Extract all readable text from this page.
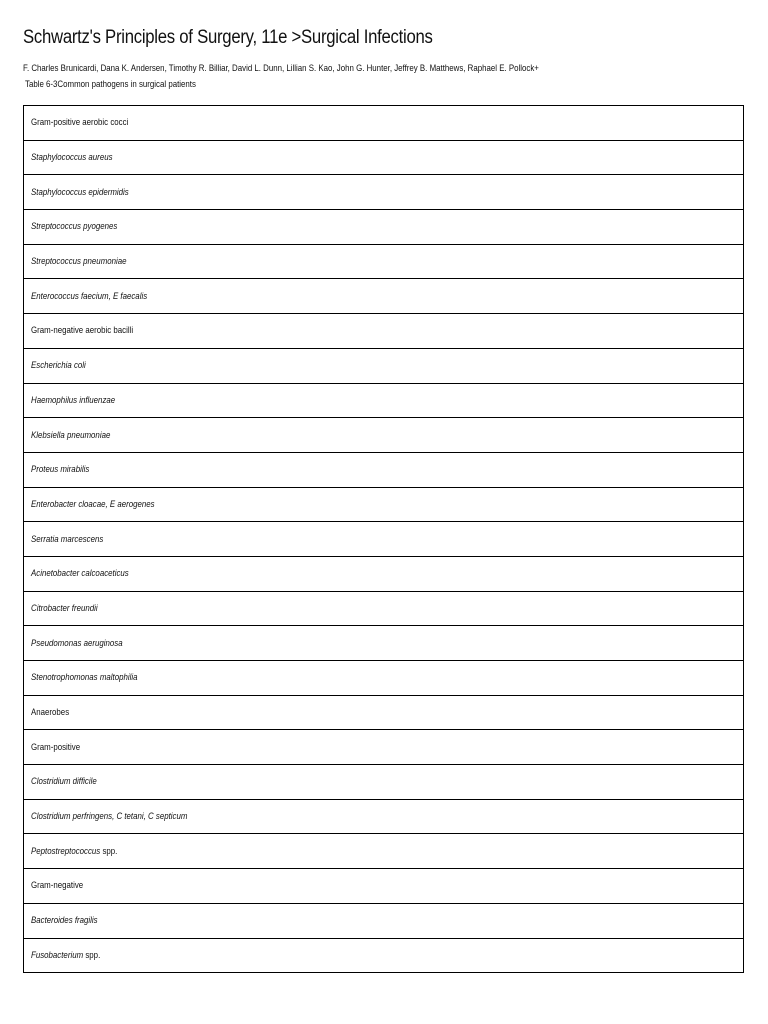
Schwartz's Principles of Surgery, 11e >Surgical Infections
F. Charles Brunicardi, Dana K. Andersen, Timothy R. Billiar, David L. Dunn, Lillian S. Kao, John G. Hunter, Jeffrey B. Matthews, Raphael E. Pollock+
Table 6-3Common pathogens in surgical patients
Gram-positive aerobic cocci
Staphylococcus aureus
Staphylococcus epidermidis
Streptococcus pyogenes
Streptococcus pneumoniae
Enterococcus faecium, E faecalis
Gram-negative aerobic bacilli
Escherichia coli
Haemophilus influenzae
Klebsiella pneumoniae
Proteus mirabilis
Enterobacter cloacae, E aerogenes
Serratia marcescens
Acinetobacter calcoaceticus
Citrobacter freundii
Pseudomonas aeruginosa
Stenotrophomonas maltophilia
Anaerobes
Gram-positive
Clostridium difficile
Clostridium perfringens, C tetani, C septicum
Peptostreptococcus spp.
Gram-negative
Bacteroides fragilis
Fusobacterium spp.
